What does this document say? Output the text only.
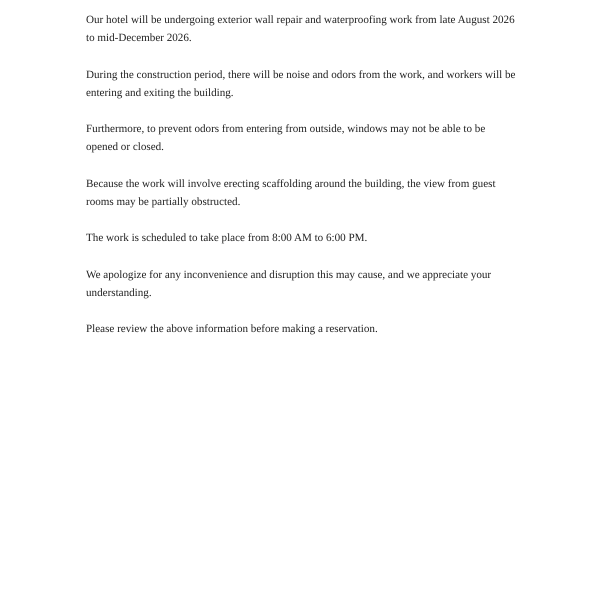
Our hotel will be undergoing exterior wall repair and waterproofing work from late August 2026 to mid-December 2026.

During the construction period, there will be noise and odors from the work, and workers will be entering and exiting the building.

Furthermore, to prevent odors from entering from outside, windows may not be able to be opened or closed.

Because the work will involve erecting scaffolding around the building, the view from guest rooms may be partially obstructed.

The work is scheduled to take place from 8:00 AM to 6:00 PM.

We apologize for any inconvenience and disruption this may cause, and we appreciate your understanding.

Please review the above information before making a reservation.
